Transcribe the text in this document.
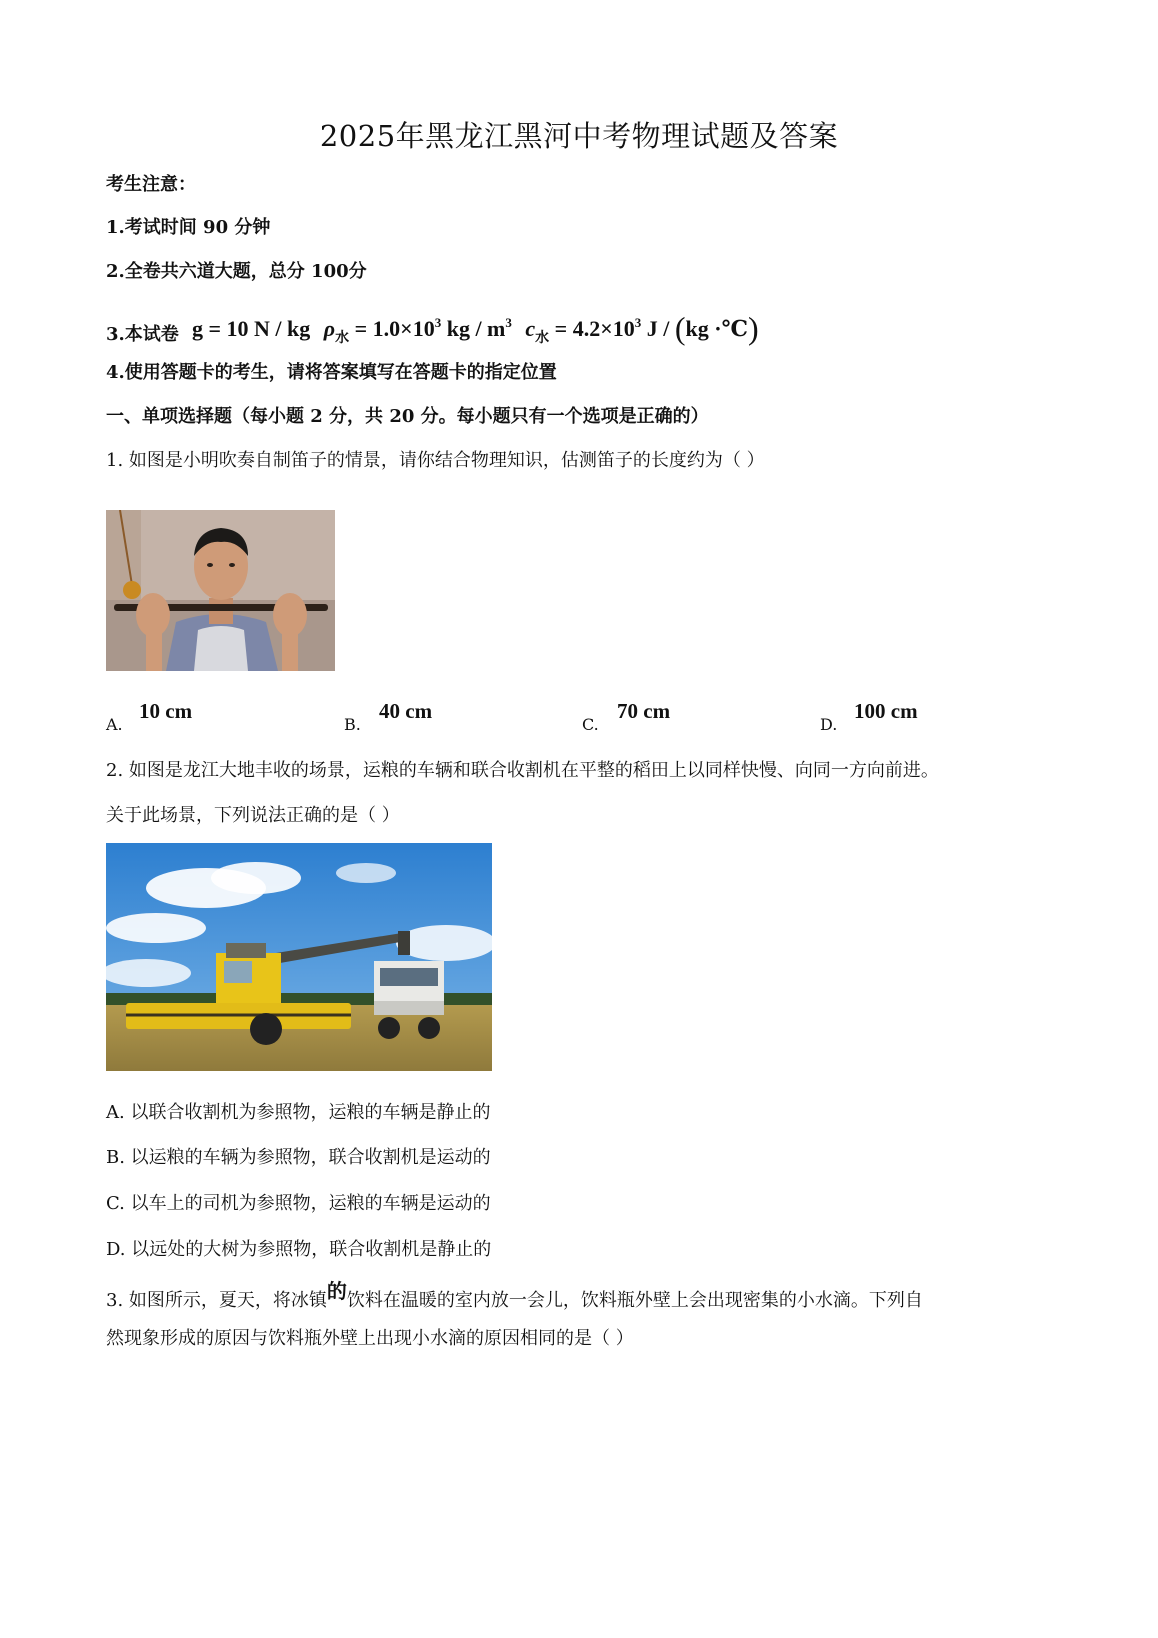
2025年黑龙江黑河中考物理试题及答案
考生注意：
1.考试时间 90 分钟
2.全卷共六道大题，总分 100分
3.本试卷 g = 10 N / kg $\rho_水 = 1.0\times 10^3$ kg / $m^3$ $c_水 = 4.2\times 10^3$ J / (kg ·℃)
4.使用答题卡的考生，请将答案填写在答题卡的指定位置
一、单项选择题（每小题 2 分，共 20 分。每小题只有一个选项是正确的）
1. 如图是小明吹奏自制笛子的情景，请你结合物理知识，估测笛子的长度约为（ ）
A.
10 cm
B.
40 cm
C.
70 cm
D.
100 cm
2. 如图是龙江大地丰收的场景，运粮的车辆和联合收割机在平整的稻田上以同样快慢、向同一方向前进。
关于此场景，下列说法正确的是（ ）
A. 以联合收割机为参照物，运粮的车辆是静止的
B. 以运粮的车辆为参照物，联合收割机是运动的
C. 以车上的司机为参照物，运粮的车辆是运动的
D. 以远处的大树为参照物，联合收割机是静止的
3. 如图所示，夏天，将冰镇的饮料在温暖的室内放一会儿，饮料瓶外壁上会出现密集的小水滴。下列自
然现象形成的原因与饮料瓶外壁上出现小水滴的原因相同的是（ ）
